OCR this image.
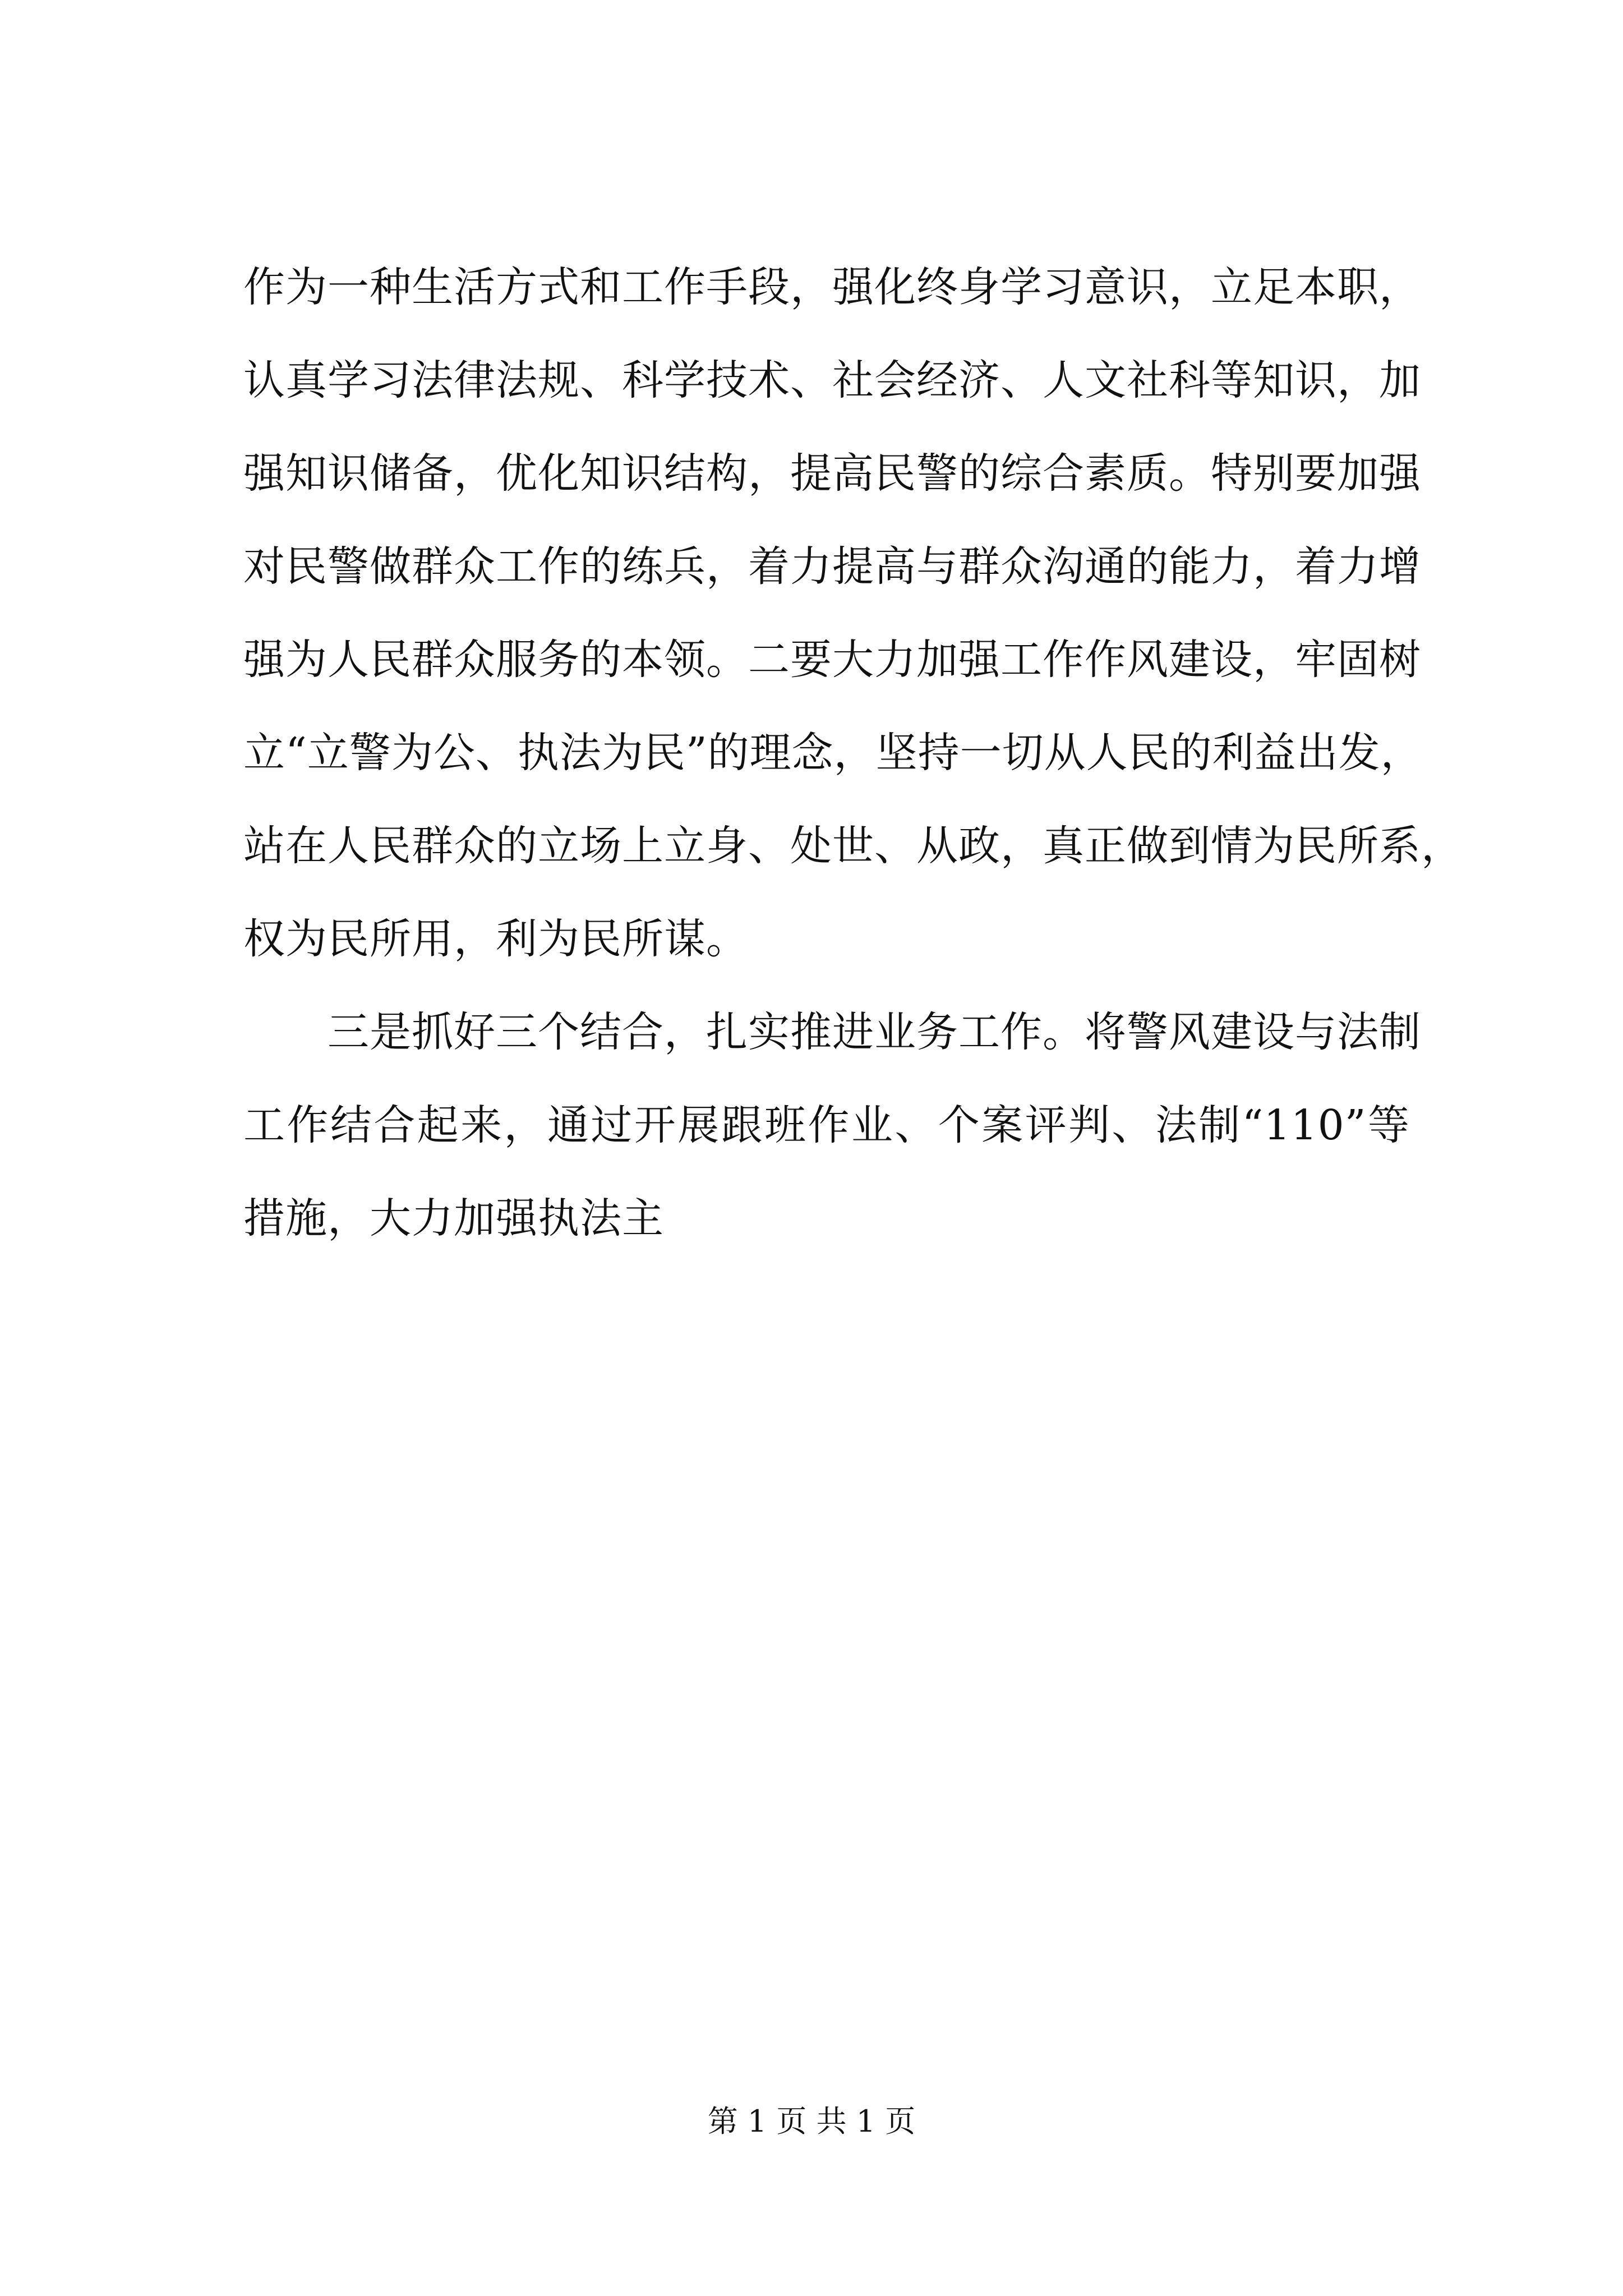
作为一种生活方式和工作手段，强化终身学习意识，立足本职，
认真学习法律法规、科学技术、社会经济、人文社科等知识，加
强知识储备，优化知识结构，提高民警的综合素质。特别要加强
对民警做群众工作的练兵，着力提高与群众沟通的能力，着力增
强为人民群众服务的本领。二要大力加强工作作风建设，牢固树
立“立警为公、执法为民”的理念，坚持一切从人民的利益出发，
站在人民群众的立场上立身、处世、从政，真正做到情为民所系，
权为民所用，利为民所谋。
三是抓好三个结合，扎实推进业务工作。将警风建设与法制
工作结合起来，通过开展跟班作业、个案评判、法制“110”等
措施，大力加强执法主
第 1 页 共 1 页
